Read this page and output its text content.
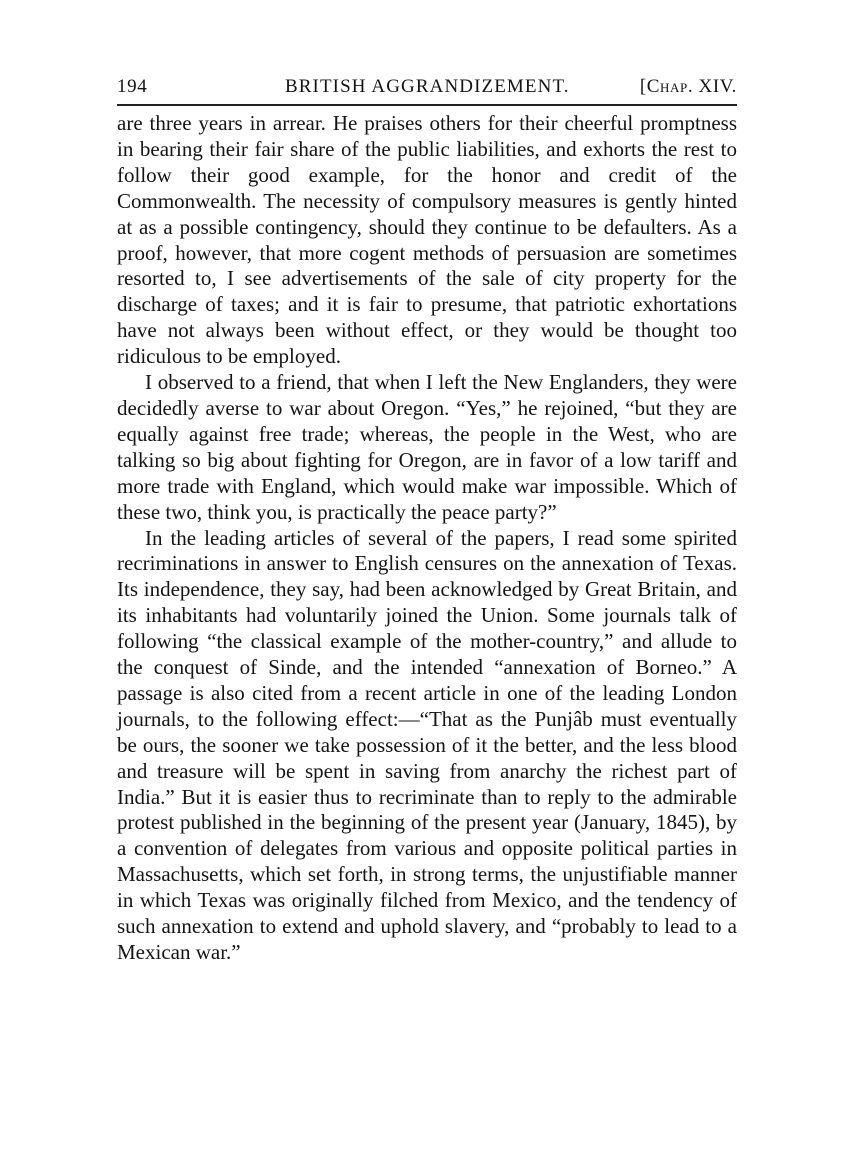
194	BRITISH AGGRANDIZEMENT.	[Chap. XIV.

are three years in arrear. He praises others for their cheerful promptness in bearing their fair share of the public liabilities, and exhorts the rest to follow their good example, for the honor and credit of the Commonwealth. The necessity of compulsory measures is gently hinted at as a possible contingency, should they continue to be defaulters. As a proof, however, that more cogent methods of persuasion are sometimes resorted to, I see advertisements of the sale of city property for the discharge of taxes; and it is fair to presume, that patriotic exhortations have not always been without effect, or they would be thought too ridiculous to be employed.

I observed to a friend, that when I left the New Englanders, they were decidedly averse to war about Oregon. “Yes,” he rejoined, “but they are equally against free trade; whereas, the people in the West, who are talking so big about fighting for Oregon, are in favor of a low tariff and more trade with England, which would make war impossible. Which of these two, think you, is practically the peace party?”

In the leading articles of several of the papers, I read some spirited recriminations in answer to English censures on the annexation of Texas. Its independence, they say, had been acknowledged by Great Britain, and its inhabitants had voluntarily joined the Union. Some journals talk of following “the classical example of the mother-country,” and allude to the conquest of Sinde, and the intended “annexation of Borneo.” A passage is also cited from a recent article in one of the leading London journals, to the following effect:—“That as the Punjâb must eventually be ours, the sooner we take possession of it the better, and the less blood and treasure will be spent in saving from anarchy the richest part of India.” But it is easier thus to recriminate than to reply to the admirable protest published in the beginning of the present year (January, 1845), by a convention of delegates from various and opposite political parties in Massachusetts, which set forth, in strong terms, the unjustifiable manner in which Texas was originally filched from Mexico, and the tendency of such annexation to extend and uphold slavery, and “probably to lead to a Mexican war.”
